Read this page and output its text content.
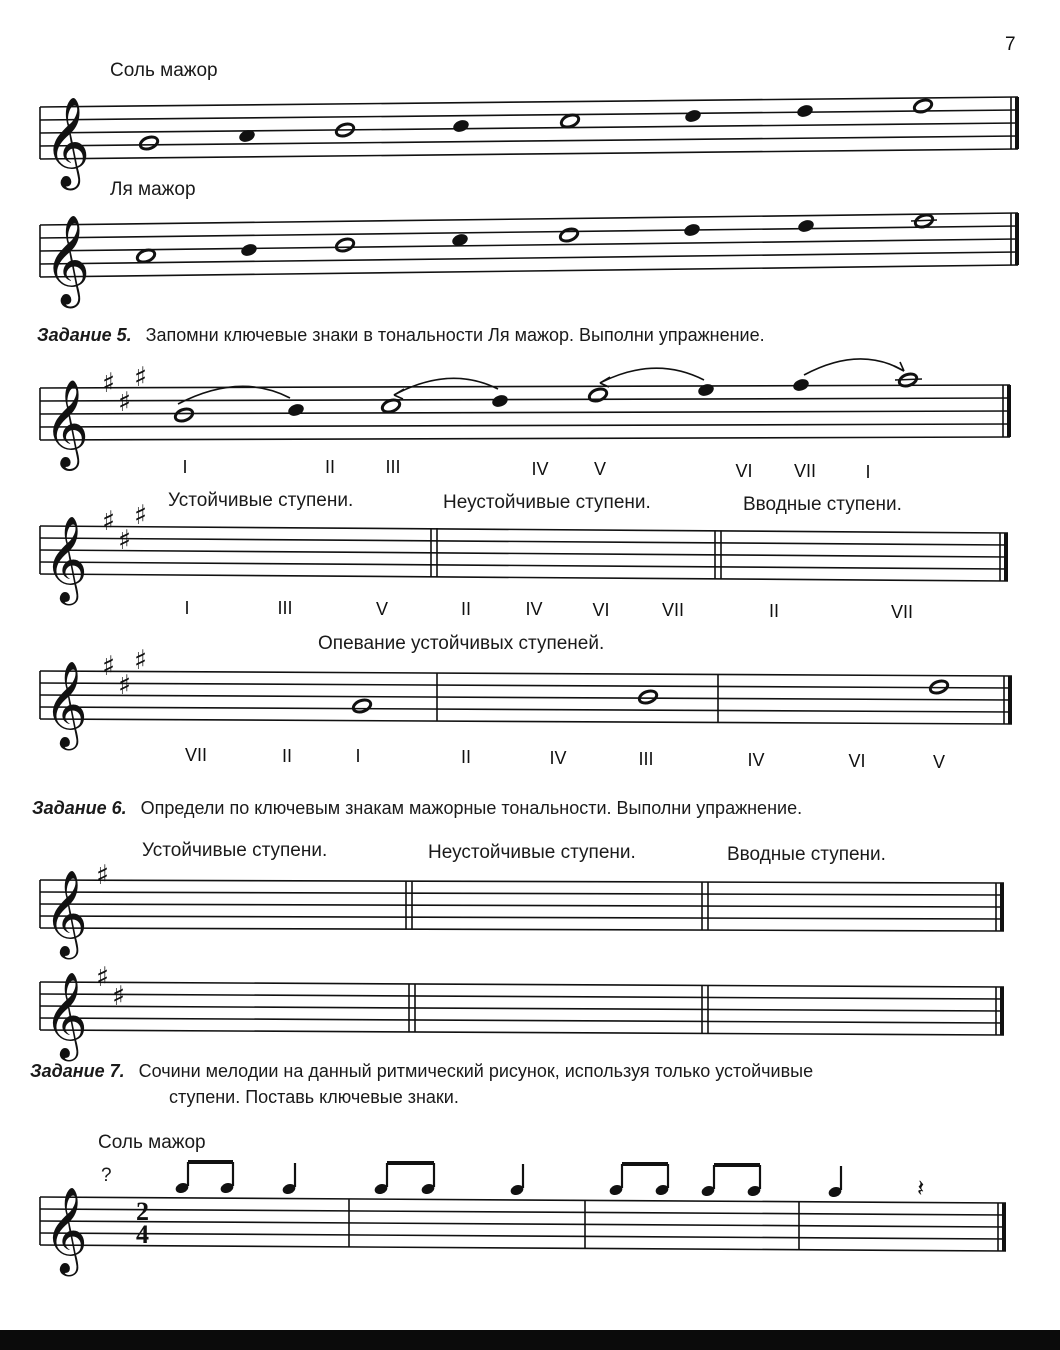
7
Соль мажор
Ля мажор
Задание 5. Запомни ключевые знаки в тональности Ля мажор. Выполни упражнение.
I	II	III	IV	V	VI VII	I
Устойчивые ступени.	Неустойчивые ступени.	Вводные ступени.
I	III	V	II	IV	VI	VII	II	VII
Опевание устойчивых ступеней.
VII	II	I	II	IV	III	IV	VI	V
Задание 6. Определи по ключевым знакам мажорные тональности. Выполни упражнение.
Устойчивые ступени.	Неустойчивые ступени.	Вводные ступени.
Задание 7. Сочини мелодии на данный ритмический рисунок, используя только устойчивые
ступени. Поставь ключевые знаки.
Соль мажор
?
𝄞
𝄞
𝄞
𝄞
𝄞
𝄞
𝄞
𝄞
♯
♯
♯
♯
♯
♯
♯
♯
♯
♯
♯
♯
2
4
𝄽
